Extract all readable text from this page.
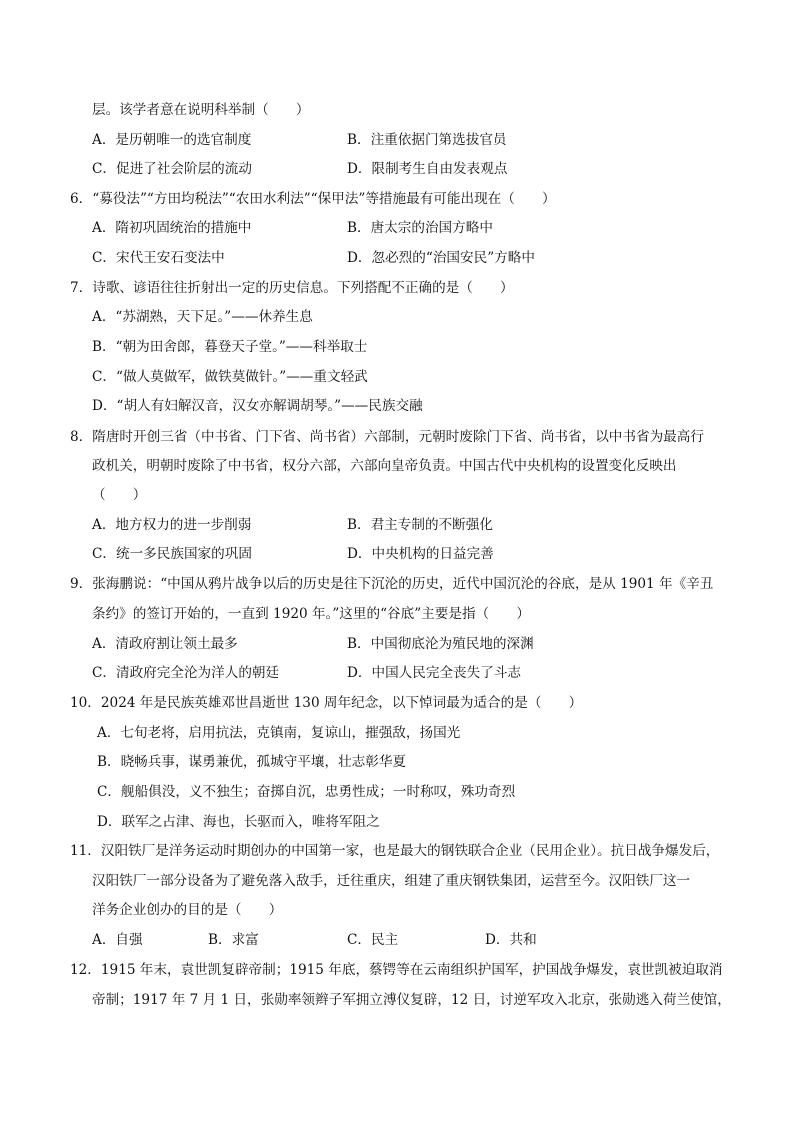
层。该学者意在说明科举制（　　）
A．是历朝唯一的选官制度	B．注重依据门第选拔官员
C．促进了社会阶层的流动	D．限制考生自由发表观点
6．“募役法”“方田均税法”“农田水利法”“保甲法”等措施最有可能出现在（　　）
A．隋初巩固统治的措施中	B．唐太宗的治国方略中
C．宋代王安石变法中	D．忽必烈的“治国安民”方略中
7．诗歌、谚语往往折射出一定的历史信息。下列搭配不正确的是（　　）
A．“苏湖熟，天下足。”——休养生息
B．“朝为田舍郎，暮登天子堂。”——科举取士
C．“做人莫做军，做铁莫做针。”——重文轻武
D．“胡人有妇解汉音，汉女亦解调胡琴。”——民族交融
8．隋唐时开创三省（中书省、门下省、尚书省）六部制，元朝时废除门下省、尚书省，以中书省为最高行
政机关，明朝时废除了中书省，权分六部，六部向皇帝负责。中国古代中央机构的设置变化反映出
（　　）
A．地方权力的进一步削弱	B．君主专制的不断强化
C．统一多民族国家的巩固	D．中央机构的日益完善
9．张海鹏说：“中国从鸦片战争以后的历史是往下沉沦的历史，近代中国沉沦的谷底，是从 1901 年《辛丑
条约》的签订开始的，一直到 1920 年。”这里的“谷底”主要是指（　　）
A．清政府割让领土最多	B．中国彻底沦为殖民地的深渊
C．清政府完全沦为洋人的朝廷	D．中国人民完全丧失了斗志
10．2024 年是民族英雄邓世昌逝世 130 周年纪念，以下悼词最为适合的是（　　）
A．七旬老将，启用抗法，克镇南，复谅山，摧强敌，扬国光
B．晓畅兵事，谋勇兼优，孤城守平壤，壮志彰华夏
C．舰船俱没，义不独生；奋掷自沉，忠勇性成；一时称叹，殊功奇烈
D．联军之占津、海也，长驱而入，唯将军阻之
11．汉阳铁厂是洋务运动时期创办的中国第一家，也是最大的钢铁联合企业（民用企业）。抗日战争爆发后，
汉阳铁厂一部分设备为了避免落入敌手，迁往重庆，组建了重庆钢铁集团，运营至今。汉阳铁厂这一
洋务企业创办的目的是（　　）
A．自强	B．求富	C．民主	D．共和
12．1915 年末，袁世凯复辟帝制；1915 年底，蔡锷等在云南组织护国军，护国战争爆发，袁世凯被迫取消
帝制；1917 年 7 月 1 日，张勋率领辫子军拥立溥仪复辟，12 日，讨逆军攻入北京，张勋逃入荷兰使馆，
